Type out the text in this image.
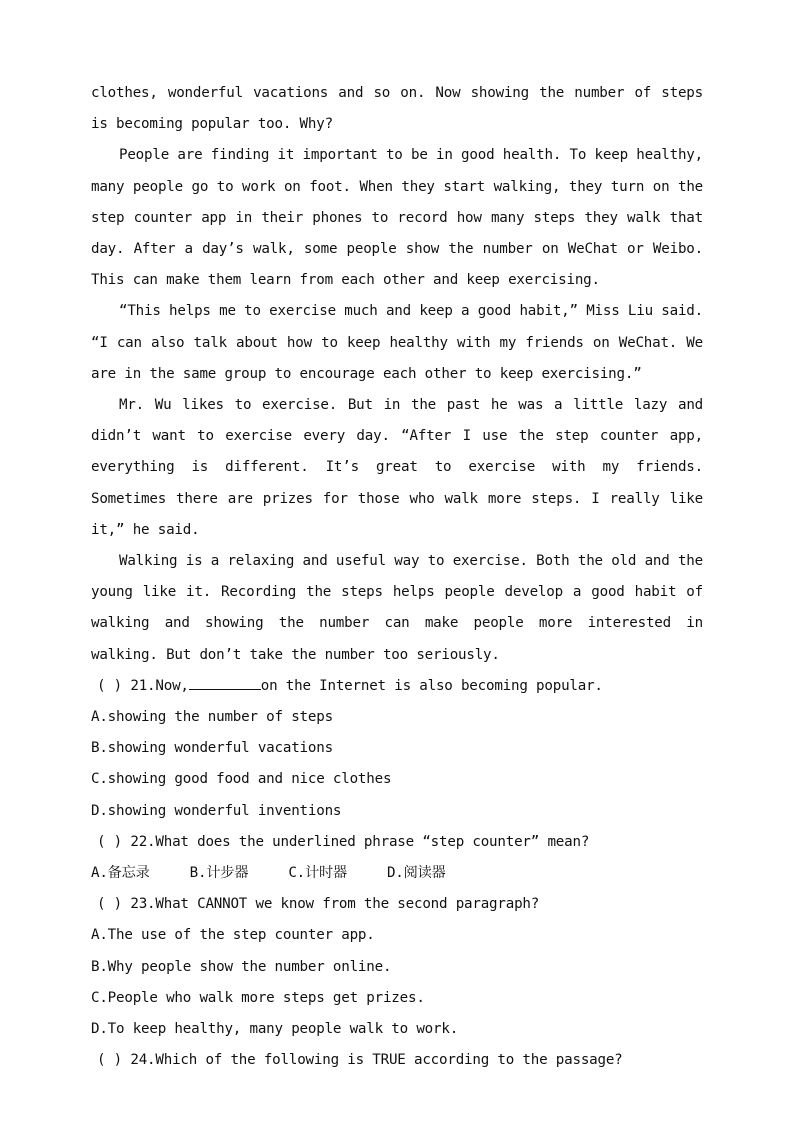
clothes, wonderful vacations and so on. Now showing the number of steps is becoming popular too. Why?

People are finding it important to be in good health. To keep healthy, many people go to work on foot. When they start walking, they turn on the step counter app in their phones to record how many steps they walk that day. After a day’s walk, some people show the number on WeChat or Weibo. This can make them learn from each other and keep exercising.

“This helps me to exercise much and keep a good habit,” Miss Liu said. “I can also talk about how to keep healthy with my friends on WeChat. We are in the same group to encourage each other to keep exercising.”

Mr. Wu likes to exercise. But in the past he was a little lazy and didn’t want to exercise every day. “After I use the step counter app, everything is different. It’s great to exercise with my friends. Sometimes there are prizes for those who walk more steps. I really like it,” he said.

Walking is a relaxing and useful way to exercise. Both the old and the young like it. Recording the steps helps people develop a good habit of walking and showing the number can make people more interested in walking. But don’t take the number too seriously.

( ) 21.Now,	on the Internet is also becoming popular.

A.showing the number of steps

B.showing wonderful vacations

C.showing good food and nice clothes

D.showing wonderful inventions

( ) 22.What does the underlined phrase “step counter” mean?

A.备忘录	B.计步器	C.计时器	D.阅读器

( ) 23.What CANNOT we know from the second paragraph?

A.The use of the step counter app.

B.Why people show the number online.

C.People who walk more steps get prizes.

D.To keep healthy, many people walk to work.

( ) 24.Which of the following is TRUE according to the passage?
